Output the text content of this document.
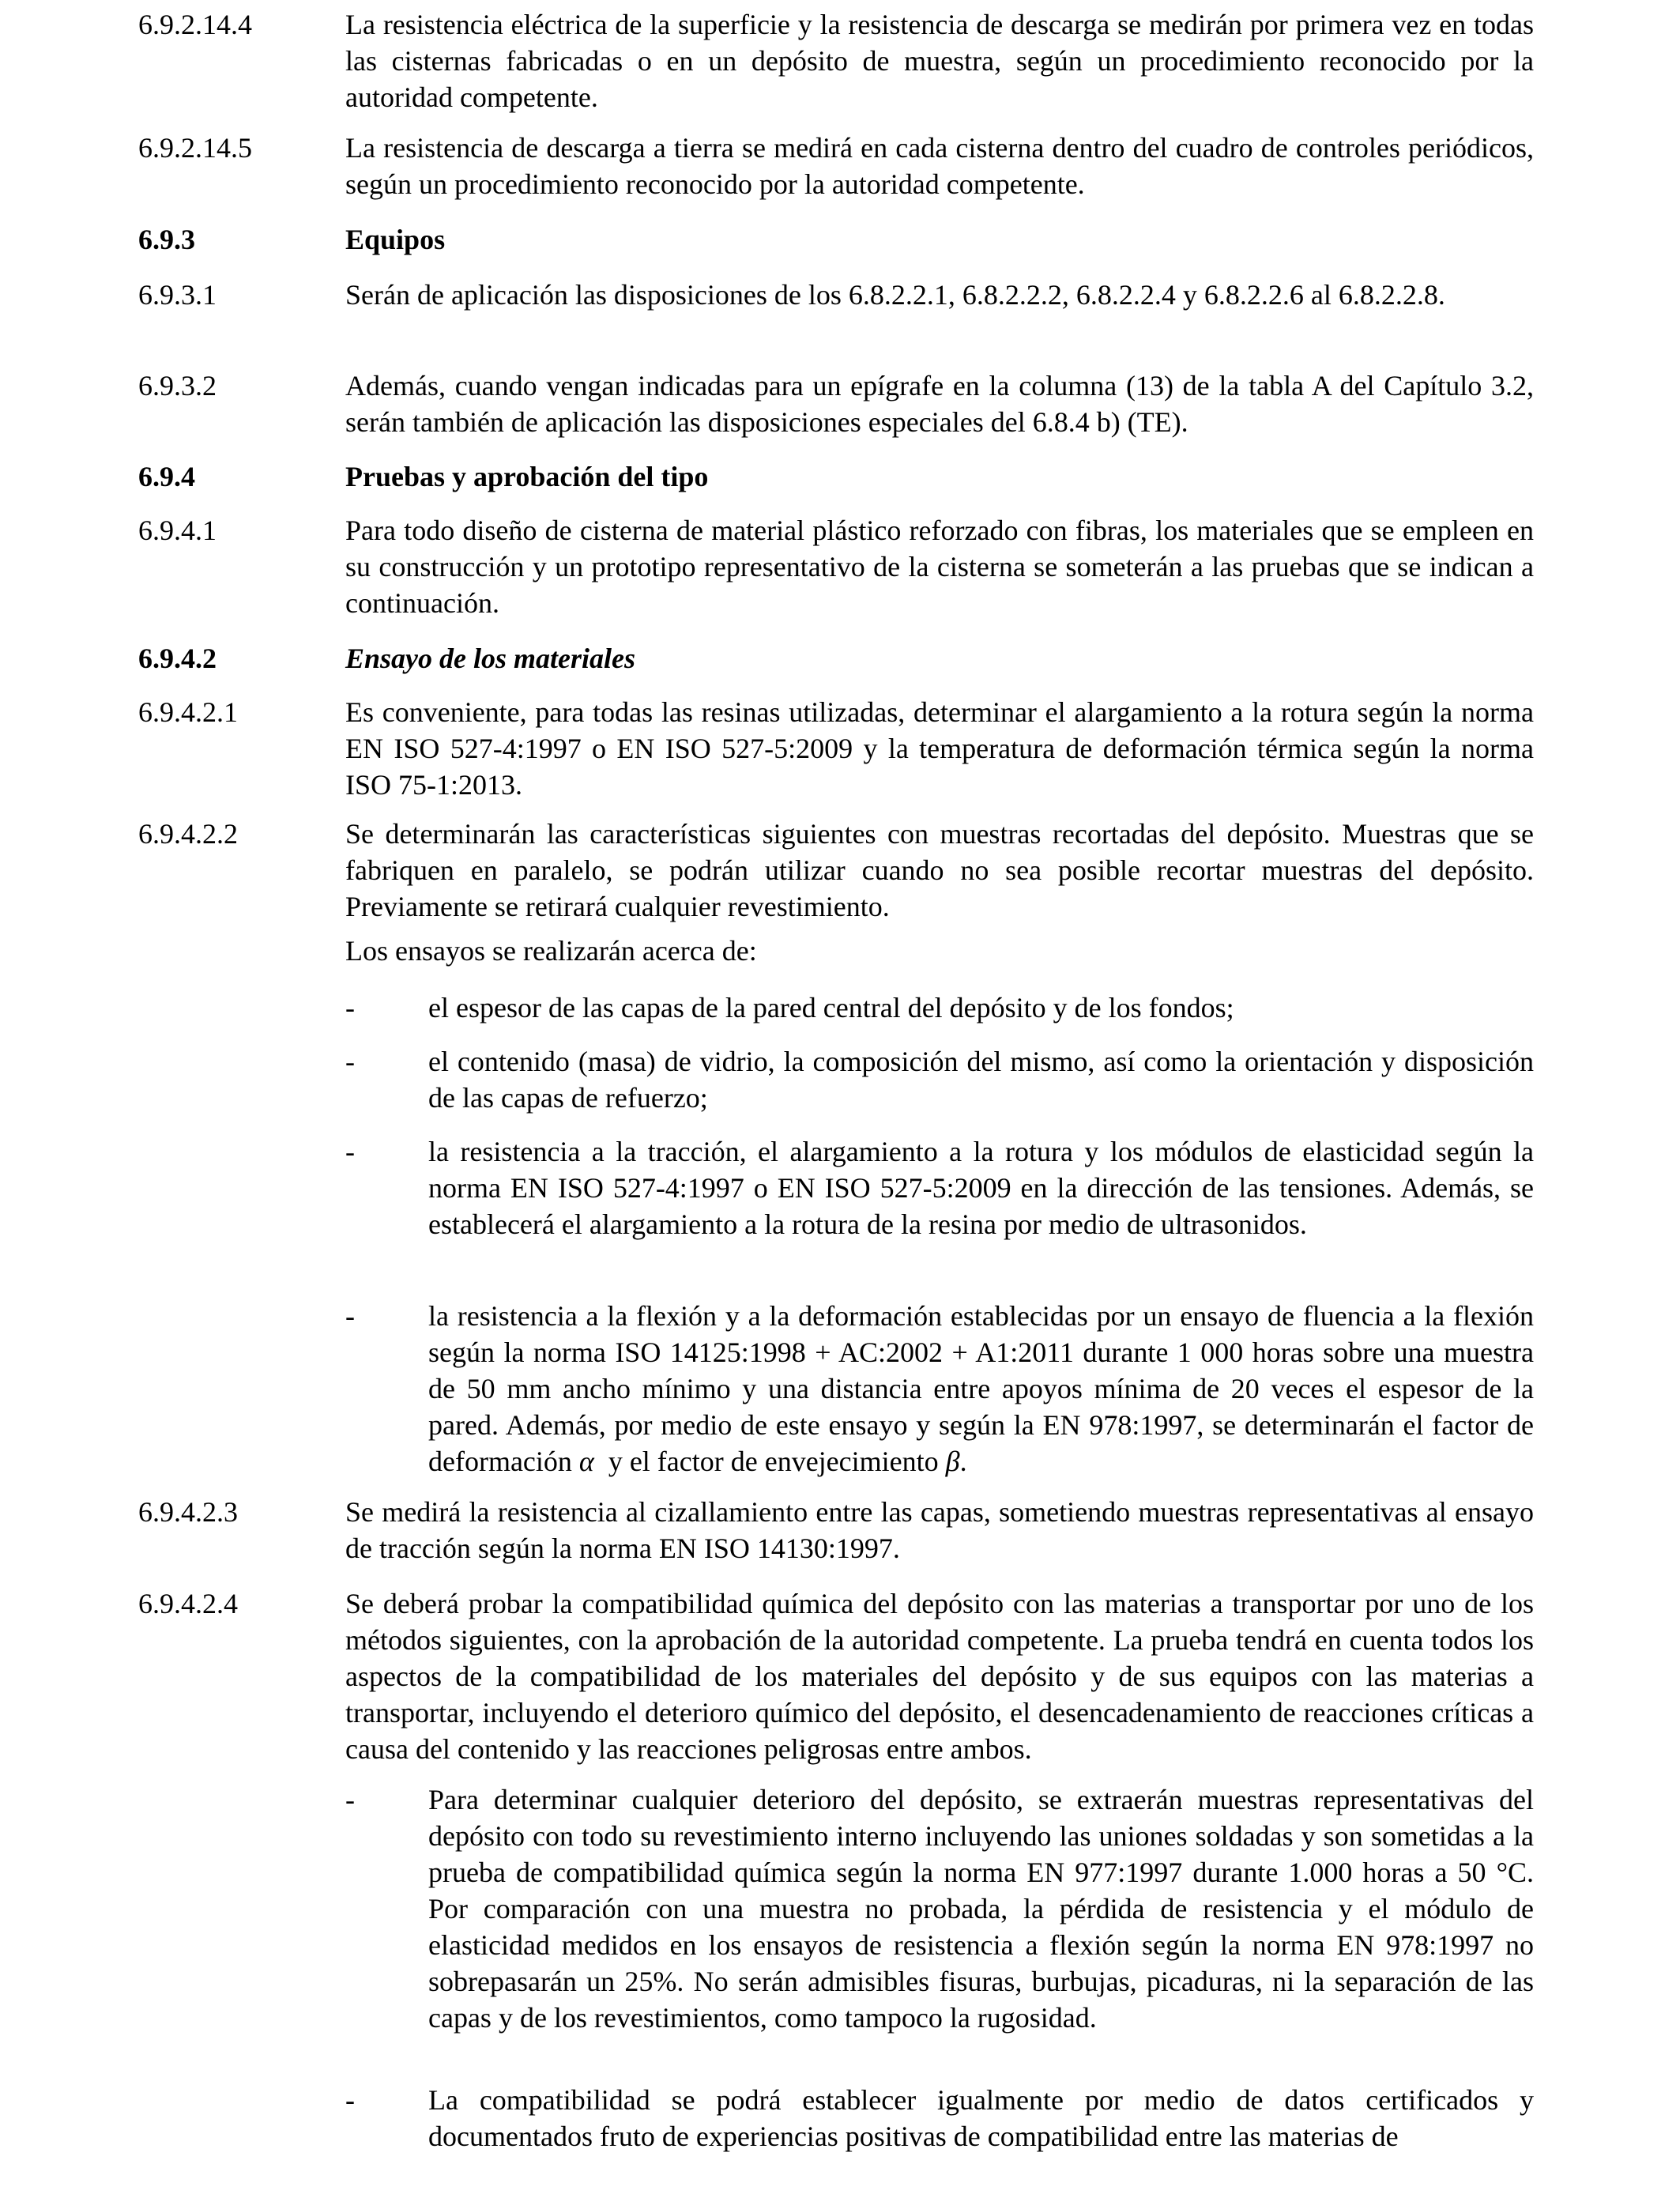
6.9.2.14.4	La resistencia eléctrica de la superficie y la resistencia de descarga se medirán por primera vez en todas las cisternas fabricadas o en un depósito de muestra, según un procedimiento reconocido por la autoridad competente.
6.9.2.14.5	La resistencia de descarga a tierra se medirá en cada cisterna dentro del cuadro de controles periódicos, según un procedimiento reconocido por la autoridad competente.
6.9.3	Equipos
6.9.3.1	Serán de aplicación las disposiciones de los 6.8.2.2.1, 6.8.2.2.2, 6.8.2.2.4 y 6.8.2.2.6 al 6.8.2.2.8.
6.9.3.2	Además, cuando vengan indicadas para un epígrafe en la columna (13) de la tabla A del Capítulo 3.2, serán también de aplicación las disposiciones especiales del 6.8.4 b) (TE).
6.9.4	Pruebas y aprobación del tipo
6.9.4.1	Para todo diseño de cisterna de material plástico reforzado con fibras, los materiales que se empleen en su construcción y un prototipo representativo de la cisterna se someterán a las pruebas que se indican a continuación.
6.9.4.2	Ensayo de los materiales
6.9.4.2.1	Es conveniente, para todas las resinas utilizadas, determinar el alargamiento a la rotura según la norma EN ISO 527-4:1997 o EN ISO 527-5:2009 y la temperatura de deformación térmica según la norma ISO 75-1:2013.
6.9.4.2.2	Se determinarán las características siguientes con muestras recortadas del depósito. Muestras que se fabriquen en paralelo, se podrán utilizar cuando no sea posible recortar muestras del depósito. Previamente se retirará cualquier revestimiento.
Los ensayos se realizarán acerca de:
-	el espesor de las capas de la pared central del depósito y de los fondos;
-	el contenido (masa) de vidrio, la composición del mismo, así como la orientación y disposición de las capas de refuerzo;
-	la resistencia a la tracción, el alargamiento a la rotura y los módulos de elasticidad según la norma EN ISO 527-4:1997 o EN ISO 527-5:2009 en la dirección de las tensiones. Además, se establecerá el alargamiento a la rotura de la resina por medio de ultrasonidos.
-	la resistencia a la flexión y a la deformación establecidas por un ensayo de fluencia a la flexión según la norma ISO 14125:1998 + AC:2002 + A1:2011 durante 1 000 horas sobre una muestra de 50 mm ancho mínimo y una distancia entre apoyos mínima de 20 veces el espesor de la pared. Además, por medio de este ensayo y según la EN 978:1997, se determinarán el factor de deformación α y el factor de envejecimiento β.
6.9.4.2.3	Se medirá la resistencia al cizallamiento entre las capas, sometiendo muestras representativas al ensayo de tracción según la norma EN ISO 14130:1997.
6.9.4.2.4	Se deberá probar la compatibilidad química del depósito con las materias a transportar por uno de los métodos siguientes, con la aprobación de la autoridad competente. La prueba tendrá en cuenta todos los aspectos de la compatibilidad de los materiales del depósito y de sus equipos con las materias a transportar, incluyendo el deterioro químico del depósito, el desencadenamiento de reacciones críticas a causa del contenido y las reacciones peligrosas entre ambos.
-	Para determinar cualquier deterioro del depósito, se extraerán muestras representativas del depósito con todo su revestimiento interno incluyendo las uniones soldadas y son sometidas a la prueba de compatibilidad química según la norma EN 977:1997 durante 1.000 horas a 50 °C. Por comparación con una muestra no probada, la pérdida de resistencia y el módulo de elasticidad medidos en los ensayos de resistencia a flexión según la norma EN 978:1997 no sobrepasarán un 25%. No serán admisibles fisuras, burbujas, picaduras, ni la separación de las capas y de los revestimientos, como tampoco la rugosidad.
-	La compatibilidad se podrá establecer igualmente por medio de datos certificados y documentados fruto de experiencias positivas de compatibilidad entre las materias de
